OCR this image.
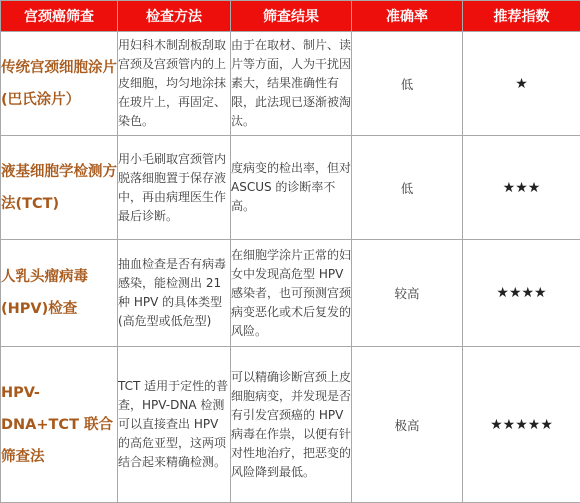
宫颈癌筛查	检查方法	筛查结果	准确率	推荐指数
传统宫颈细胞涂片(巴氏涂片）	用妇科木制刮板刮取宫颈及宫颈管内的上皮细胞，均匀地涂抹在玻片上，再固定、染色。	由于在取材、制片、读片等方面，人为干扰因素大，结果准确性有限，此法现已逐渐被淘汰。	低	★
液基细胞学检测方法(TCT)	用小毛刷取宫颈管内脱落细胞置于保存液中，再由病理医生作最后诊断。	度病变的检出率，但对 ASCUS 的诊断率不高。	低	★★★
人乳头瘤病毒(HPV)检查	抽血检查是否有病毒感染，能检测出 21 种 HPV 的具体类型 (高危型或低危型)	在细胞学涂片正常的妇女中发现高危型 HPV 感染者，也可预测宫颈病变恶化或术后复发的风险。	较高	★★★★
HPV-DNA+TCT 联合筛查法	TCT 适用于定性的普查，HPV-DNA 检测可以直接查出 HPV 的高危亚型，这两项结合起来精确检测。	可以精确诊断宫颈上皮细胞病变，并发现是否有引发宫颈癌的 HPV 病毒在作祟，以便有针对性地治疗，把恶变的风险降到最低。	极高	★★★★★
